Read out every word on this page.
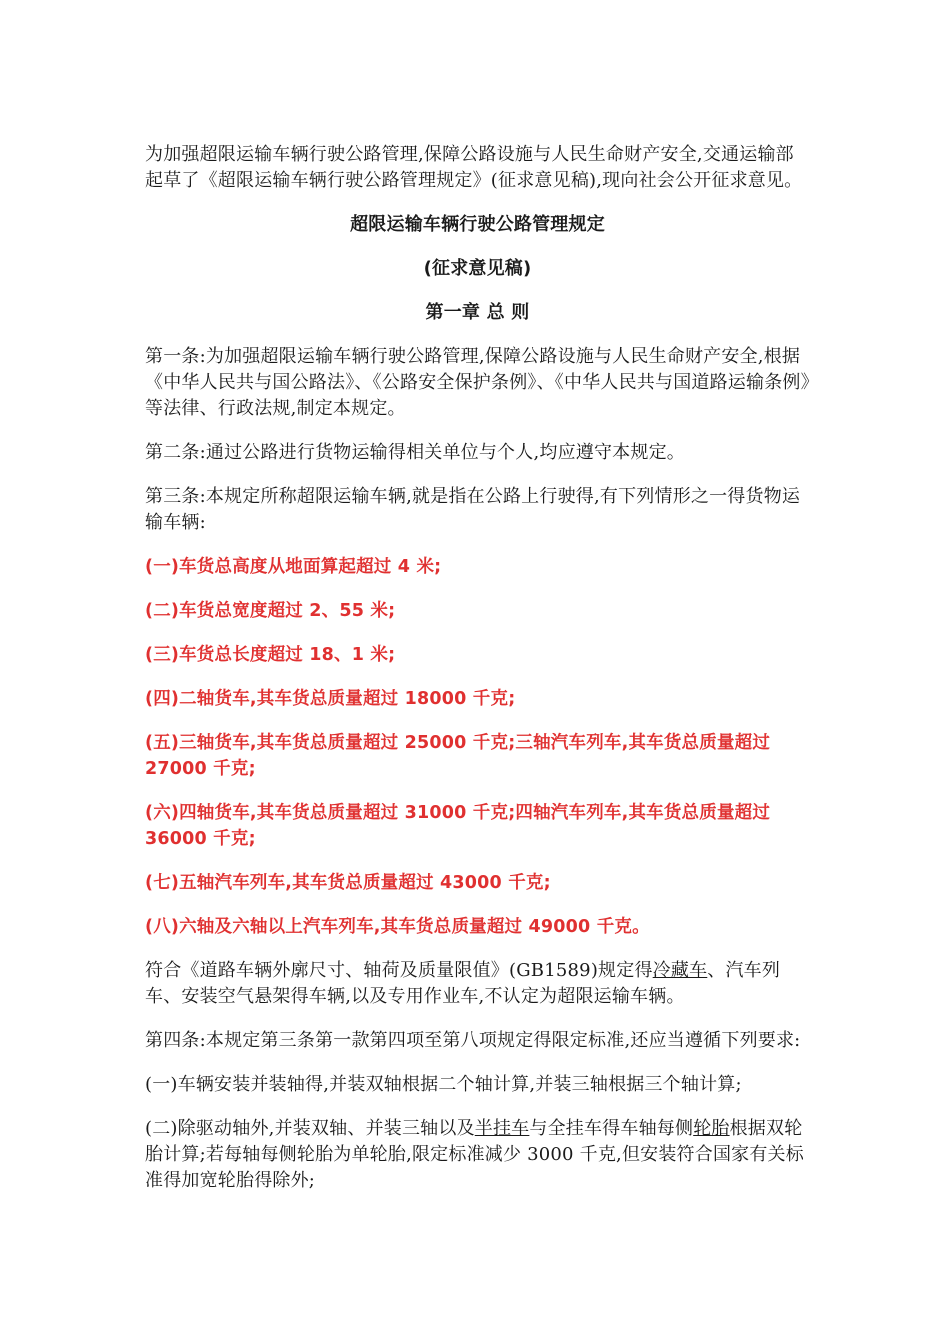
为加强超限运输车辆行驶公路管理,保障公路设施与人民生命财产安全,交通运输部起草了《超限运输车辆行驶公路管理规定》(征求意见稿),现向社会公开征求意见。

超限运输车辆行驶公路管理规定

(征求意见稿)

第一章 总 则

第一条:为加强超限运输车辆行驶公路管理,保障公路设施与人民生命财产安全,根据《中华人民共与国公路法》、《公路安全保护条例》、《中华人民共与国道路运输条例》等法律、行政法规,制定本规定。

第二条:通过公路进行货物运输得相关单位与个人,均应遵守本规定。

第三条:本规定所称超限运输车辆,就是指在公路上行驶得,有下列情形之一得货物运输车辆:

(一)车货总高度从地面算起超过 4 米;

(二)车货总宽度超过 2、55 米;

(三)车货总长度超过 18、1 米;

(四)二轴货车,其车货总质量超过 18000 千克;

(五)三轴货车,其车货总质量超过 25000 千克;三轴汽车列车,其车货总质量超过 27000 千克;

(六)四轴货车,其车货总质量超过 31000 千克;四轴汽车列车,其车货总质量超过 36000 千克;

(七)五轴汽车列车,其车货总质量超过 43000 千克;

(八)六轴及六轴以上汽车列车,其车货总质量超过 49000 千克。

符合《道路车辆外廓尺寸、轴荷及质量限值》(GB1589)规定得冷藏车、汽车列车、安装空气悬架得车辆,以及专用作业车,不认定为超限运输车辆。

第四条:本规定第三条第一款第四项至第八项规定得限定标准,还应当遵循下列要求:

(一)车辆安装并装轴得,并装双轴根据二个轴计算,并装三轴根据三个轴计算;

(二)除驱动轴外,并装双轴、并装三轴以及半挂车与全挂车得车轴每侧轮胎根据双轮胎计算;若每轴每侧轮胎为单轮胎,限定标准减少 3000 千克,但安装符合国家有关标准得加宽轮胎得除外;
